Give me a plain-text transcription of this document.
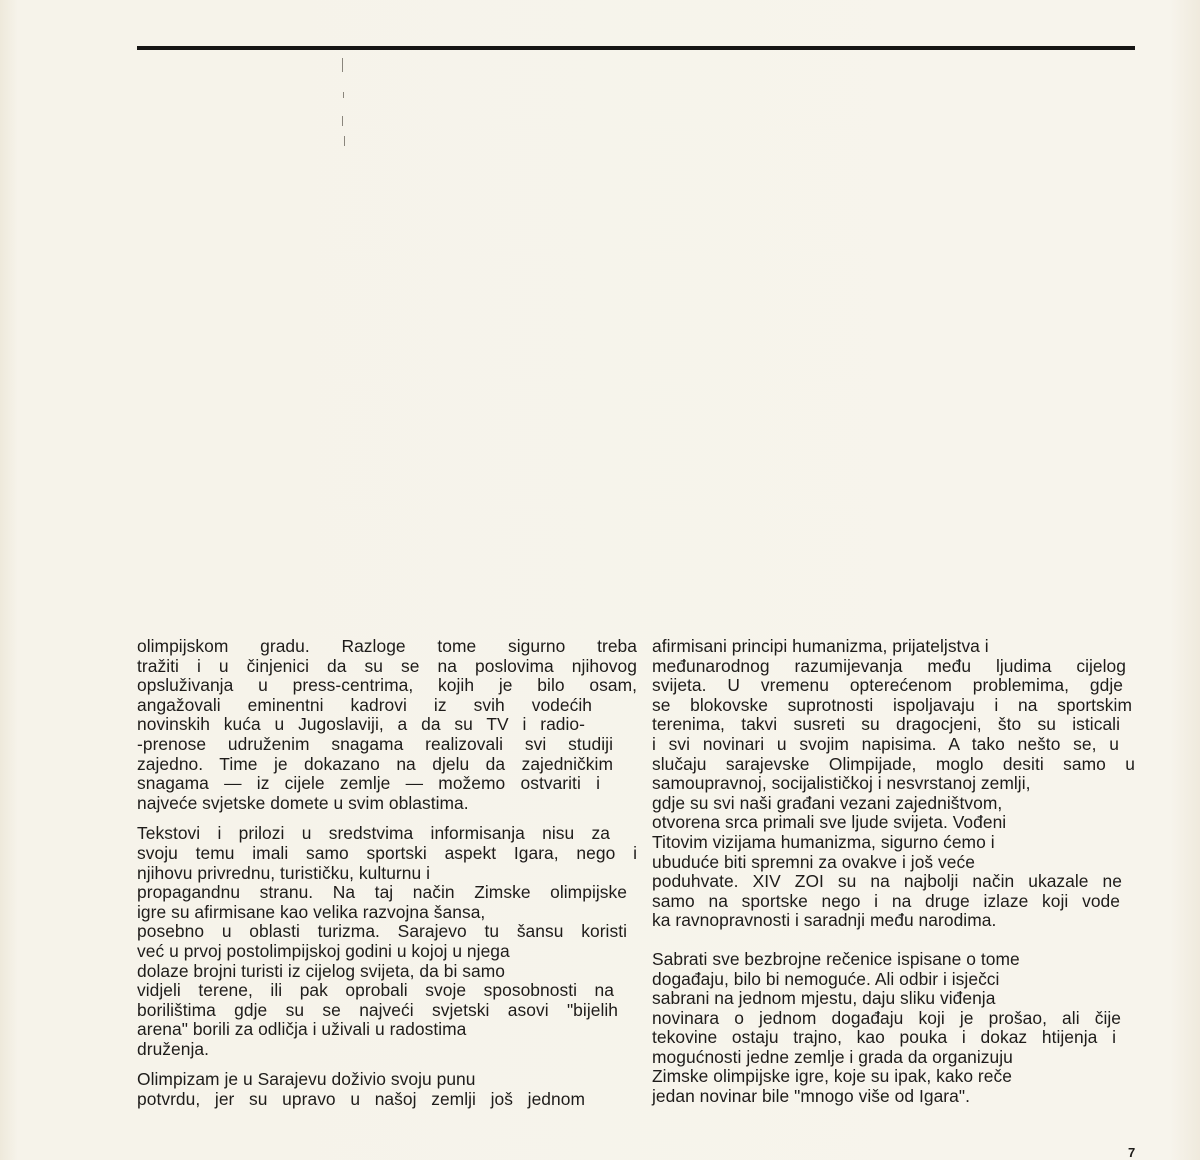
olimpijskom gradu. Razloge tome sigurno treba
tražiti i u činjenici da su se na poslovima njihovog
opsluživanja u press-centrima, kojih je bilo osam,
angažovali eminentni kadrovi iz svih vodećih
novinskih kuća u Jugoslaviji, a da su TV i radio-
-prenose udruženim snagama realizovali svi studiji
zajedno. Time je dokazano na djelu da zajedničkim
snagama — iz cijele zemlje — možemo ostvariti i
najveće svjetske domete u svim oblastima.
Tekstovi i prilozi u sredstvima informisanja nisu za
svoju temu imali samo sportski aspekt Igara, nego i
njihovu privrednu, turističku, kulturnu i
propagandnu stranu. Na taj način Zimske olimpijske
igre su afirmisane kao velika razvojna šansa,
posebno u oblasti turizma. Sarajevo tu šansu koristi
već u prvoj postolimpijskoj godini u kojoj u njega
dolaze brojni turisti iz cijelog svijeta, da bi samo
vidjeli terene, ili pak oprobali svoje sposobnosti na
borilištima gdje su se najveći svjetski asovi "bijelih
arena" borili za odličja i uživali u radostima
druženja.
Olimpizam je u Sarajevu doživio svoju punu
potvrdu, jer su upravo u našoj zemlji još jednom
afirmisani principi humanizma, prijateljstva i
međunarodnog razumijevanja među ljudima cijelog
svijeta. U vremenu opterećenom problemima, gdje
se blokovske suprotnosti ispoljavaju i na sportskim
terenima, takvi susreti su dragocjeni, što su isticali
i svi novinari u svojim napisima. A tako nešto se, u
slučaju sarajevske Olimpijade, moglo desiti samo u
samoupravnoj, socijalističkoj i nesvrstanoj zemlji,
gdje su svi naši građani vezani zajedništvom,
otvorena srca primali sve ljude svijeta. Vođeni
Titovim vizijama humanizma, sigurno ćemo i
ubuduće biti spremni za ovakve i još veće
poduhvate. XIV ZOI su na najbolji način ukazale ne
samo na sportske nego i na druge izlaze koji vode
ka ravnopravnosti i saradnji među narodima.
Sabrati sve bezbrojne rečenice ispisane o tome
događaju, bilo bi nemoguće. Ali odbir i isječci
sabrani na jednom mjestu, daju sliku viđenja
novinara o jednom događaju koji je prošao, ali čije
tekovine ostaju trajno, kao pouka i dokaz htijenja i
mogućnosti jedne zemlje i grada da organizuju
Zimske olimpijske igre, koje su ipak, kako reče
jedan novinar bile "mnogo više od Igara".
7
